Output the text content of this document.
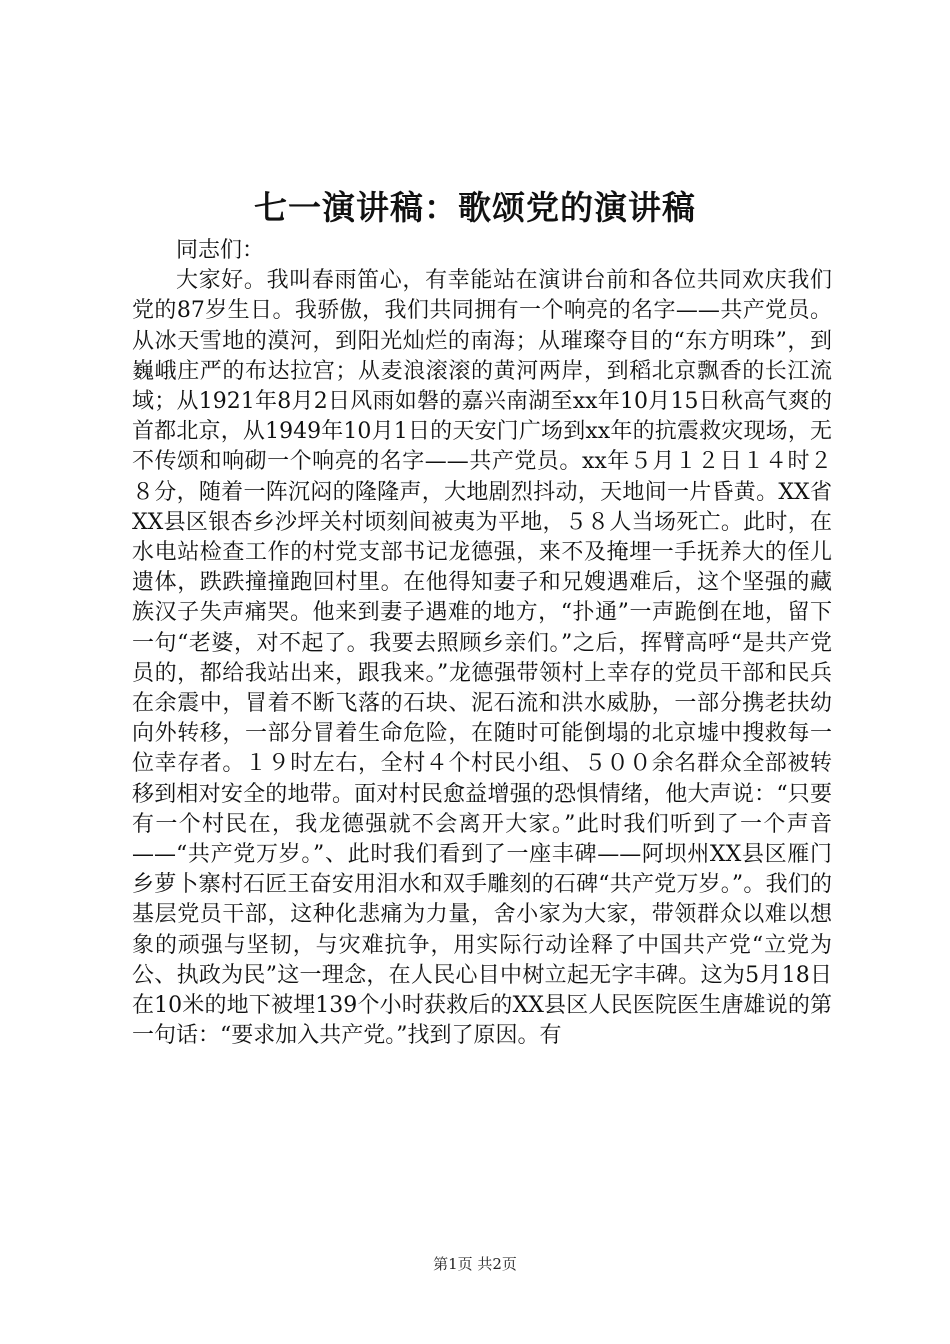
七一演讲稿：歌颂党的演讲稿

同志们：

大家好。我叫春雨笛心，有幸能站在演讲台前和各位共同欢庆我们党的87岁生日。我骄傲，我们共同拥有一个响亮的名字——共产党员。从冰天雪地的漠河，到阳光灿烂的南海；从璀璨夺目的“东方明珠”，到巍峨庄严的布达拉宫；从麦浪滚滚的黄河两岸，到稻北京飘香的长江流域；从1921年8月2日风雨如磐的嘉兴南湖至xx年10月15日秋高气爽的首都北京，从1949年10月1日的天安门广场到xx年的抗震救灾现场，无不传颂和响砌一个响亮的名字——共产党员。xx年５月１２日１４时２８分，随着一阵沉闷的隆隆声，大地剧烈抖动，天地间一片昏黄。XX省XX县区银杏乡沙坪关村顷刻间被夷为平地，５８人当场死亡。此时，在水电站检查工作的村党支部书记龙德强，来不及掩埋一手抚养大的侄儿遗体，跌跌撞撞跑回村里。在他得知妻子和兄嫂遇难后，这个坚强的藏族汉子失声痛哭。他来到妻子遇难的地方，“扑通”一声跪倒在地，留下一句“老婆，对不起了。我要去照顾乡亲们。”之后，挥臂高呼“是共产党员的，都给我站出来，跟我来。”龙德强带领村上幸存的党员干部和民兵在余震中，冒着不断飞落的石块、泥石流和洪水威胁，一部分携老扶幼向外转移，一部分冒着生命危险，在随时可能倒塌的北京墟中搜救每一位幸存者。１９时左右，全村４个村民小组、５００余名群众全部被转移到相对安全的地带。面对村民愈益增强的恐惧情绪，他大声说：“只要有一个村民在，我龙德强就不会离开大家。”此时我们听到了一个声音——“共产党万岁。”、此时我们看到了一座丰碑——阿坝州XX县区雁门乡萝卜寨村石匠王奋安用泪水和双手雕刻的石碑“共产党万岁。”。我们的基层党员干部，这种化悲痛为力量，舍小家为大家，带领群众以难以想象的顽强与坚韧，与灾难抗争，用实际行动诠释了中国共产党“立党为公、执政为民”这一理念，在人民心目中树立起无字丰碑。这为5月18日在10米的地下被埋139个小时获救后的XX县区人民医院医生唐雄说的第一句话：“要求加入共产党。”找到了原因。有

第1页 共2页
